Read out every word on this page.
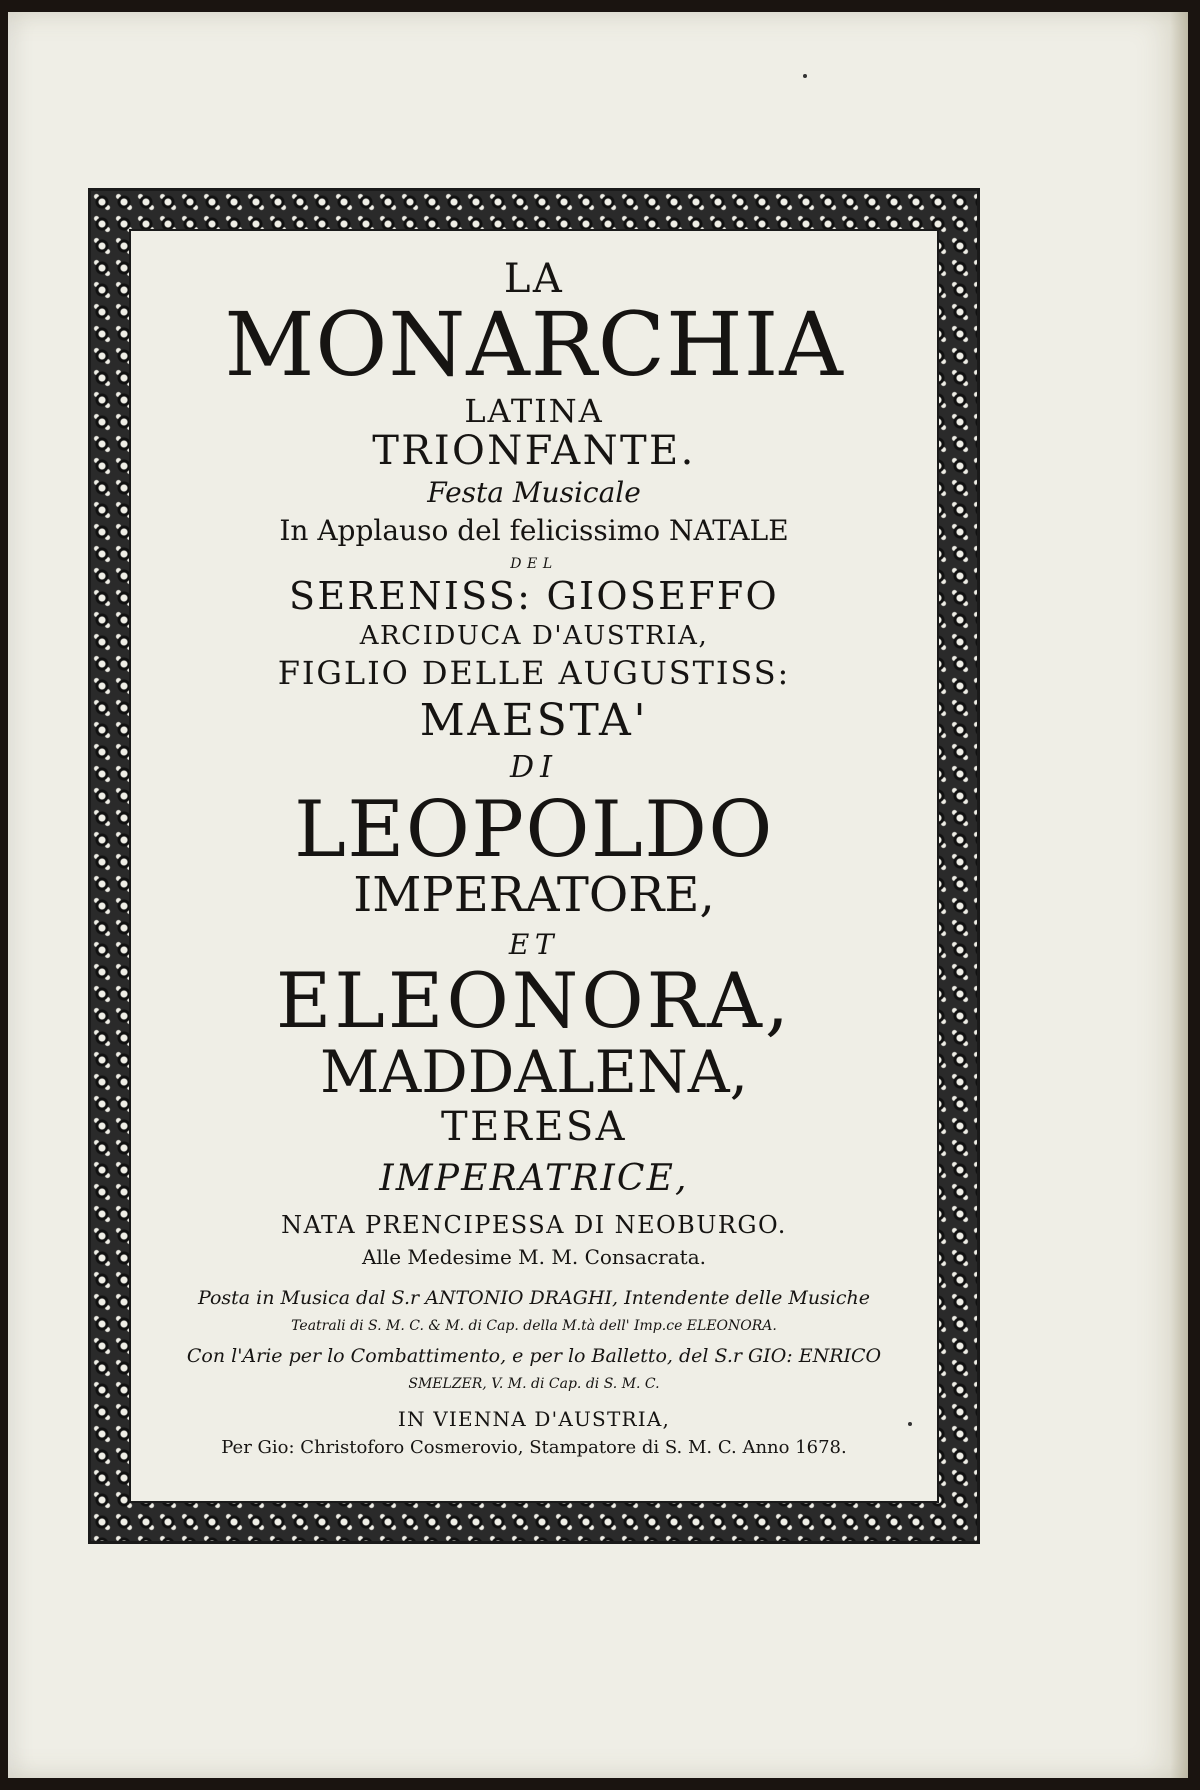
LA
MONARCHIA
LATINA
TRIONFANTE.
Festa Musicale
In Applauso del felicissimo NATALE
DEL
SERENISS: GIOSEFFO
ARCIDUCA D'AUSTRIA,
FIGLIO DELLE AUGUSTISS:
MAESTA'
DI
LEOPOLDO
IMPERATORE,
ET
ELEONORA,
MADDALENA,
TERESA
IMPERATRICE,
NATA PRENCIPESSA DI NEOBURGO.
Alle Medesime M. M. Consacrata.
Posta in Musica dal S.r ANTONIO DRAGHI, Intendente delle Musiche
Teatrali di S. M. C. & M. di Cap. della M.tà dell' Imp.ce ELEONORA.
Con l'Arie per lo Combattimento, e per lo Balletto, del S.r GIO: ENRICO
SMELZER, V. M. di Cap. di S. M. C.
IN VIENNA D'AUSTRIA,
Per Gio: Christoforo Cosmerovio, Stampatore di S. M. C. Anno 1678.
